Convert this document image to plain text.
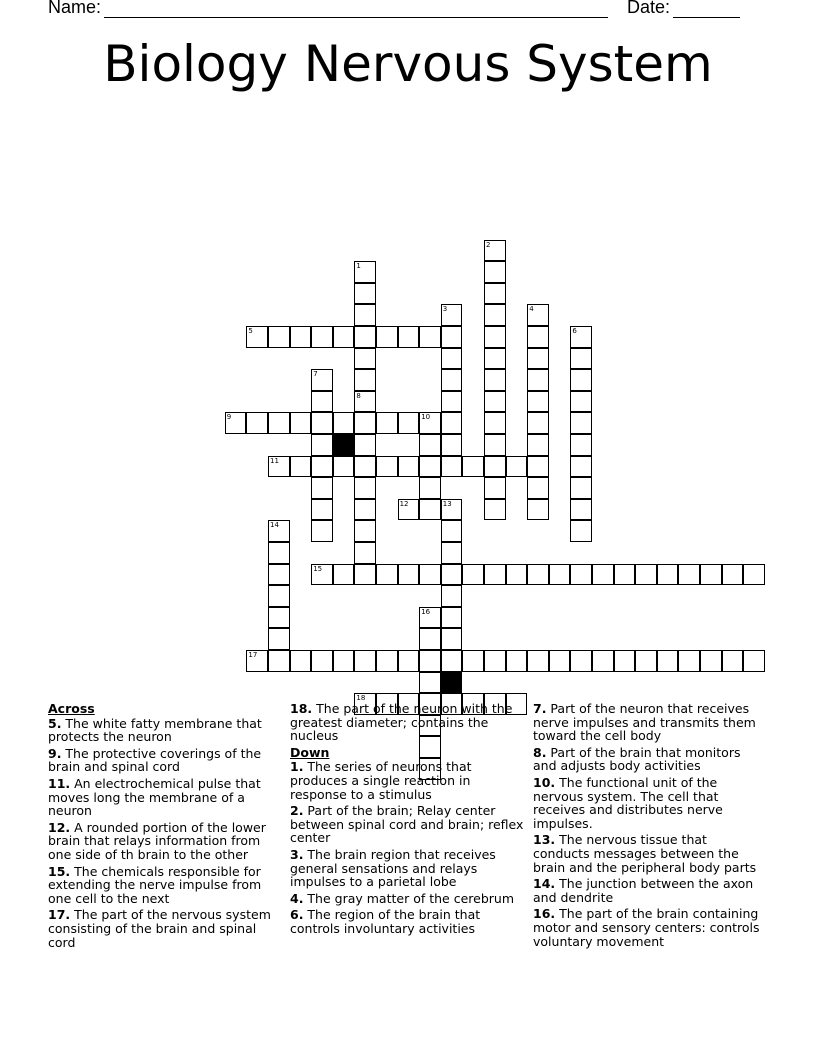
Name:	Date:
Biology Nervous System
1
8
2
3	4
6
5
7
9	10
11
12	13
14
15
16
17
18
Across
5. The white fatty membrane that protects the neuron
9. The protective coverings of the brain and spinal cord
11. An electrochemical pulse that moves long the membrane of a neuron
12. A rounded portion of the lower brain that relays information from one side of th brain to the other
15. The chemicals responsible for extending the nerve impulse from one cell to the next
17. The part of the nervous system consisting of the brain and spinal cord
18. The part of the neuron with the greatest diameter; contains the nucleus
Down
1. The series of neurons that produces a single reaction in response to a stimulus
2. Part of the brain; Relay center between spinal cord and brain; reflex center
3. The brain region that receives general sensations and relays impulses to a parietal lobe
4. The gray matter of the cerebrum
6. The region of the brain that controls involuntary activities
7. Part of the neuron that receives nerve impulses and transmits them toward the cell body
8. Part of the brain that monitors and adjusts body activities
10. The functional unit of the nervous system. The cell that receives and distributes nerve impulses.
13. The nervous tissue that conducts messages between the brain and the peripheral body parts
14. The junction between the axon and dendrite
16. The part of the brain containing motor and sensory centers: controls voluntary movement
